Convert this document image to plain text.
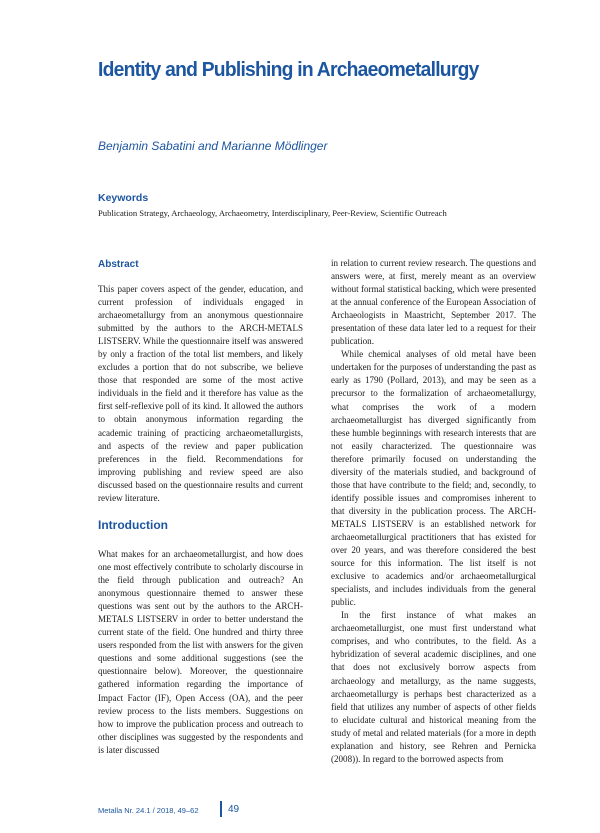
Identity and Publishing in Archaeometallurgy

Benjamin Sabatini and Marianne Mödlinger

Keywords

Publication Strategy, Archaeology, Archaeometry, Interdisciplinary, Peer-Review, Scientific Outreach

Abstract

This paper covers aspect of the gender, education, and current profession of individuals engaged in archaeometallurgy from an anonymous questionnaire submitted by the authors to the ARCH-METALS LISTSERV. While the questionnaire itself was answered by only a fraction of the total list members, and likely excludes a portion that do not subscribe, we believe those that responded are some of the most active individuals in the field and it therefore has value as the first self-reflexive poll of its kind. It allowed the authors to obtain anonymous information regarding the academic training of practicing archaeometallurgists, and aspects of the review and paper publication preferences in the field. Recommendations for improving publishing and review speed are also discussed based on the questionnaire results and current review literature.

Introduction

What makes for an archaeometallurgist, and how does one most effectively contribute to scholarly discourse in the field through publication and outreach? An anonymous questionnaire themed to answer these questions was sent out by the authors to the ARCH-METALS LISTSERV in order to better understand the current state of the field. One hundred and thirty three users responded from the list with answers for the given questions and some additional suggestions (see the questionnaire below). Moreover, the questionnaire gathered information regarding the importance of Impact Factor (IF), Open Access (OA), and the peer review process to the lists members. Suggestions on how to improve the publication process and outreach to other disciplines was suggested by the respondents and is later discussed

in relation to current review research. The questions and answers were, at first, merely meant as an overview without formal statistical backing, which were presented at the annual conference of the European Association of Archaeologists in Maastricht, September 2017. The presentation of these data later led to a request for their publication.

While chemical analyses of old metal have been undertaken for the purposes of understanding the past as early as 1790 (Pollard, 2013), and may be seen as a precursor to the formalization of archaeometallurgy, what comprises the work of a modern archaeometallurgist has diverged significantly from these humble beginnings with research interests that are not easily characterized. The questionnaire was therefore primarily focused on understanding the diversity of the materials studied, and background of those that have contribute to the field; and, secondly, to identify possible issues and compromises inherent to that diversity in the publication process. The ARCH-METALS LISTSERV is an established network for archaeometallurgical practitioners that has existed for over 20 years, and was therefore considered the best source for this information. The list itself is not exclusive to academics and/or archaeometallurgical specialists, and includes individuals from the general public.

In the first instance of what makes an archaeometallurgist, one must first understand what comprises, and who contributes, to the field. As a hybridization of several academic disciplines, and one that does not exclusively borrow aspects from archaeology and metallurgy, as the name suggests, archaeometallurgy is perhaps best characterized as a field that utilizes any number of aspects of other fields to elucidate cultural and historical meaning from the study of metal and related materials (for a more in depth explanation and history, see Rehren and Pernicka (2008)). In regard to the borrowed aspects from

Metalla Nr. 24.1 / 2018, 49–62	49
